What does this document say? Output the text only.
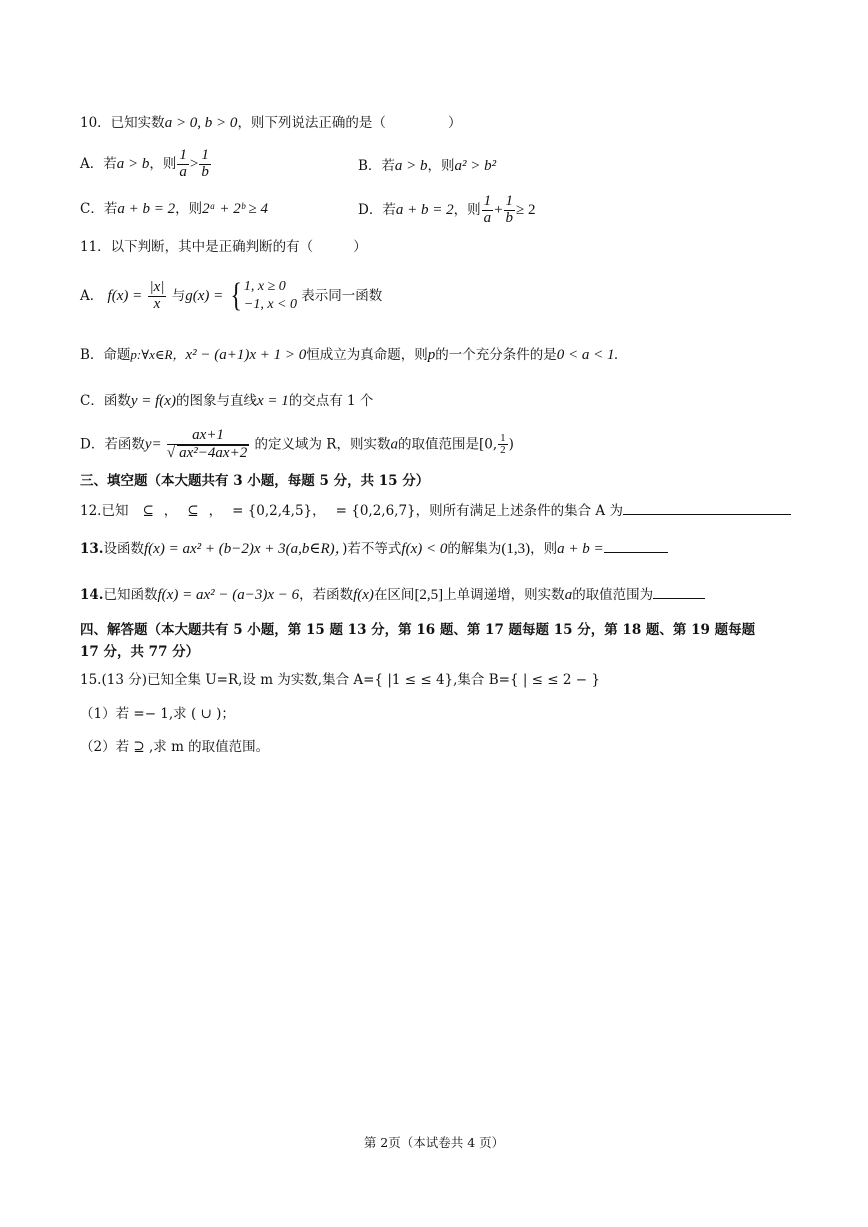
10．已知实数a > 0, b > 0，则下列说法正确的是（	）
A．若a > b，则 $\frac{1}{a} > \frac{1}{b}$	B．若a > b，则a² > b²
C．若a + b = 2，则2ᵃ + 2ᵇ ≥ 4	D．若a + b = 2，则 $\frac{1}{a} + \frac{1}{b} \ge 2$
11．以下判断，其中是正确判断的有（	）
A． $f(x) = \frac{|x|}{x}$ 与g(x) = { 1, x ≥ 0
−1, x < 0
表示同一函数
B．命题p:∀x∈R，x² − (a+1)x + 1 > 0恒成立为真命题，则p的一个充分条件的是0 < a < 1.
C．函数y = f(x)的图象与直线x = 1的交点有 1 个
D．若函数$y= \frac{ax+1}{\text{√ ax²−4ax+2}}$ 的定义域为 R，则实数a的取值范围是[0, $\frac{1}{2}$ )
三、填空题（本大题共有 3 小题，每题 5 分，共 15 分）
12.已知 ⊆ ， ⊆ ， = {0,2,4,5}， = {0,2,6,7}，则所有满足上述条件的集合 A 为
13.设函数f(x) = ax² + (b−2)x + 3(a,b∈R)，)若不等式f(x) < 0的解集为(1,3)，则a + b =
14.已知函数f(x) = ax² − (a−3)x − 6，若函数f(x)在区间[2,5]上单调递增，则实数a的取值范围为
四、解答题（本大题共有 5 小题，第 15 题 13 分，第 16 题、第 17 题每题 15 分，第 18 题、第 19 题每题
17 分，共 77 分）
15.(13 分)已知全集 U=R,设 m 为实数,集合 A={ |1 ≤ ≤ 4},集合 B={ | ≤ ≤ 2 − }
（1）若 =− 1,求 ( ∪ )；
（2）若 ⊇ ,求 m 的取值范围。
第 2页（本试卷共 4 页）
